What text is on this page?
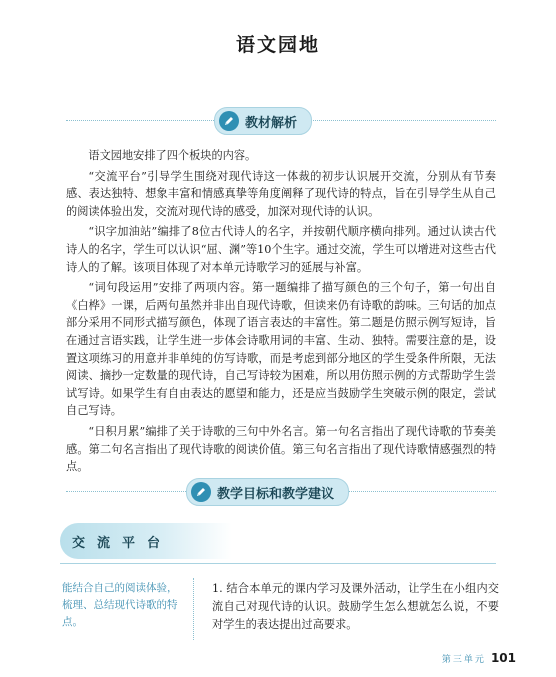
语文园地
教材解析

语文园地安排了四个板块的内容。

“交流平台”引导学生围绕对现代诗这一体裁的初步认识展开交流，分别从有节奏感、表达独特、想象丰富和情感真挚等角度阐释了现代诗的特点，旨在引导学生从自己的阅读体验出发，交流对现代诗的感受，加深对现代诗的认识。

“识字加油站”编排了8位古代诗人的名字，并按朝代顺序横向排列。通过认读古代诗人的名字，学生可以认识“屈、渊”等10个生字。通过交流，学生可以增进对这些古代诗人的了解。该项目体现了对本单元诗歌学习的延展与补富。

“词句段运用”安排了两项内容。第一题编排了描写颜色的三个句子，第一句出自《白桦》一课，后两句虽然并非出自现代诗歌，但读来仍有诗歌的韵味。三句话的加点部分采用不同形式描写颜色，体现了语言表达的丰富性。第二题是仿照示例写短诗，旨在通过言语实践，让学生进一步体会诗歌用词的丰富、生动、独特。需要注意的是，设置这项练习的用意并非单纯的仿写诗歌，而是考虑到部分地区的学生受条件所限，无法阅读、摘抄一定数量的现代诗，自己写诗较为困难，所以用仿照示例的方式帮助学生尝试写诗。如果学生有自由表达的愿望和能力，还是应当鼓励学生突破示例的限定，尝试自己写诗。

“日积月累”编排了关于诗歌的三句中外名言。第一句名言指出了现代诗歌的节奏美感。第二句名言指出了现代诗歌的阅读价值。第三句名言指出了现代诗歌情感强烈的特点。

教学目标和教学建议
交流平台
能结合自己的阅读体验，梳理、总结现代诗歌的特点。
1. 结合本单元的课内学习及课外活动，让学生在小组内交流自己对现代诗的认识。鼓励学生怎么想就怎么说，不要对学生的表达提出过高要求。
第三单元 101
